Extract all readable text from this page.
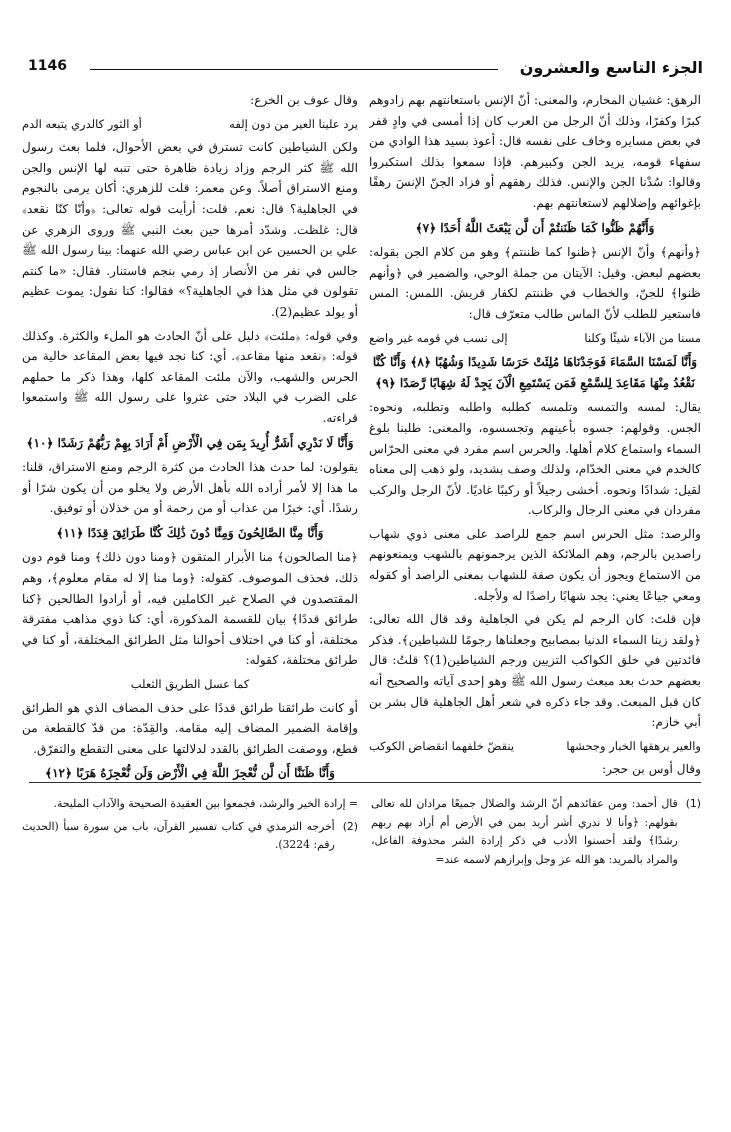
الجزء التاسع والعشرون
1146

الرهق: غشيان المحارم، والمعنى: أنّ الإنس باستعانتهم بهم زادوهم كبرًا وكفرًا، وذلك أنّ الرجل من العرب كان إذا أمسى في وادٍ قفر في بعض مسايره وخاف على نفسه قال: أعوذ بسيد هذا الوادي من سفهاء قومه، يريد الجن وكبيرهم. فإذا سمعوا بذلك استكبروا وقالوا: سُدْنا الجن والإنس. فذلك رهقهم أو فزاد الجنّ الإنسَ رهقًا بإغوائهم وإضلالهم لاستعانتهم بهم.

وَأَنَّهُمْ ظَنُّوا كَمَا ظَنَنتُمْ أَن لَّن يَبْعَثَ اللَّهُ أَحَدًا ﴿٧﴾

﴿وأنهم﴾ وأنّ الإنس ﴿ظنوا كما ظننتم﴾ وهو من كلام الجن بقوله: بعضهم لبعض. وقيل: الآيتان من جملة الوحي، والضمير في ﴿وأنهم ظنوا﴾ للجنّ، والخطاب في ظننتم لكفار قريش. اللمس: المس فاستعير للطلب لأنّ الماس طالب متعرّف قال:

مسنا من الآباء شيئًا وكلنا
إلى نسب في قومه غير واضع
وَأَنَّا لَمَسْنَا السَّمَاءَ فَوَجَدْنَاهَا مُلِئَتْ حَرَسًا شَدِيدًا وَشُهُبًا ﴿٨﴾ وَأَنَّا كُنَّا نَقْعُدُ مِنْهَا مَقَاعِدَ لِلسَّمْعِ فَمَن يَسْتَمِعِ الْآنَ يَجِدْ لَهُ شِهَابًا رَّصَدًا ﴿٩﴾

يقال: لمسه والتمسه وتلمسه كطلبه واطلبه وتطلبه، ونحوه: الجس. وقولهم: جسوه بأعينهم وتجسسوه، والمعنى: طلبنا بلوغ السماء واستماع كلام أهلها. والحرس اسم مفرد في معنى الحرّاس كالخدم في معنى الخدّام، ولذلك وصف بشديد، ولو ذهب إلى معناه لقيل: شدادًا ونحوه. أخشى رجيلاً أو ركيبًا غاديًا. لأنّ الرجل والركب مفردان في معنى الرجال والركاب.

والرصد: مثل الحرس اسم جمع للراصد على معنى ذوي شهاب راصدين بالرجم، وهم الملائكة الذين يرجمونهم بالشهب ويمنعونهم من الاستماع ويجوز أن يكون صفة للشهاب بمعنى الراصد أو كقوله ومعي جياعًا يعني: يجد شهابًا راصدًا له ولأجله.

فإن قلتَ: كان الرجم لم يكن في الجاهلية وقد قال الله تعالى: ﴿ولقد زينا السماء الدنيا بمصابيح وجعلناها رجومًا للشياطين﴾. فذكر فائدتين في خلق الكواكب التزيين ورجم الشياطين(1)؟ قلتُ: قال بعضهم حدث بعد مبعث رسول الله ﷺ وهو إحدى آياته والصحيح أنه كان قبل المبعث. وقد جاء ذكره في شعر أهل الجاهلية قال بشر بن أبي خازم:

والعير يرهقها الخبار وجحشها
ينقضّ خلفهما انقضاض الكوكب

وقال أوس بن حجر:

وقال عوف بن الخرع:

يرد علينا العير من دون إلفه
أو الثور كالدري يتبعه الدم

ولكن الشياطين كانت تسترق في بعض الأحوال، فلما بعث رسول الله ﷺ كثر الرجم وزاد زيادة ظاهرة حتى تنبه لها الإنس والجن ومنع الاستراق أصلاً. وعن معمر: قلت للزهري: أكان يرمى بالنجوم في الجاهلية؟ قال: نعم. قلت: أرأيت قوله تعالى: ﴿وأنّا كنّا نقعد﴾ قال: غلظت. وشدّد أمرها حين بعث النبي ﷺ وروى الزهري عن علي بن الحسين عن ابن عباس رضي الله عنهما: بينا رسول الله ﷺ جالس في نفر من الأنصار إذ رمي بنجم فاستنار. فقال: «ما كنتم تقولون في مثل هذا في الجاهلية؟» فقالوا: كنا نقول: يموت عظيم أو يولد عظيم(2).

وفي قوله: ﴿ملئت﴾ دليل على أنّ الحادث هو الملء والكثرة. وكذلك قوله: ﴿نقعد منها مقاعد﴾. أي: كنا نجد فيها بعض المقاعد خالية من الحرس والشهب، والآن ملئت المقاعد كلها، وهذا ذكر ما حملهم على الضرب في البلاد حتى عثروا على رسول الله ﷺ واستمعوا قراءته.

وَأَنَّا لَا نَدْرِي أَشَرٌّ أُرِيدَ بِمَن فِي الْأَرْضِ أَمْ أَرَادَ بِهِمْ رَبُّهُمْ رَشَدًا ﴿١٠﴾

يقولون: لما حدث هذا الحادث من كثرة الرجم ومنع الاستراق، قلنا: ما هذا إلا لأمر أراده الله بأهل الأرض ولا يخلو من أن يكون شرًا أو رشدًا. أي: خيرًا من عذاب أو من رحمة أو من خذلان أو توفيق.

وَأَنَّا مِنَّا الصَّالِحُونَ وَمِنَّا دُونَ ذَٰلِكَ كُنَّا طَرَائِقَ قِدَدًا ﴿١١﴾

﴿منا الصالحون﴾ منا الأبرار المتقون ﴿ومنا دون ذلك﴾ ومنا قوم دون ذلك، فحذف الموصوف. كقوله: ﴿وما منا إلا له مقام معلوم﴾، وهم المقتصدون في الصلاح غير الكاملين فيه، أو أرادوا الطالحين ﴿كنا طرائق قددًا﴾ بيان للقسمة المذكورة، أي: كنا ذوي مذاهب مفترقة مختلفة، أو كنا في اختلاف أحوالنا مثل الطرائق المختلفة، أو كنا في طرائق مختلفة، كقوله:

كما عسل الطريق الثعلب

أو كانت طرائقنا طرائق قددًا على حذف المضاف الذي هو الطرائق وإقامة الضمير المضاف إليه مقامه. والقِدّة: من قدّ كالقطعة من قطع، ووصفت الطرائق بالقدد لدلالتها على معنى التقطع والتفرّق.

وَأَنَّا ظَنَنَّا أَن لَّن نُّعْجِزَ اللَّهَ فِي الْأَرْضِ وَلَن نُّعْجِزَهُ هَرَبًا ﴿١٢﴾

(1)
قال أحمد: ومن عقائدهم أنّ الرشد والضلال جميعًا مرادان لله تعالى بقولهم: ﴿وأنا لا ندري أشر أريد بمن في الأرض أم أراد بهم ربهم رشدًا﴾ ولقد أحسنوا الأدب في ذكر إرادة الشر محذوفة الفاعل، والمراد بالمريد: هو الله عز وجل وإبرازهم لاسمه عند=
= إرادة الخير والرشد، فجمعوا بين العقيدة الصحيحة والآداب المليحة.
(2)
أخرجه الترمذي في كتاب تفسير القرآن، باب من سورة سبأ (الحديث رقم: 3224).
